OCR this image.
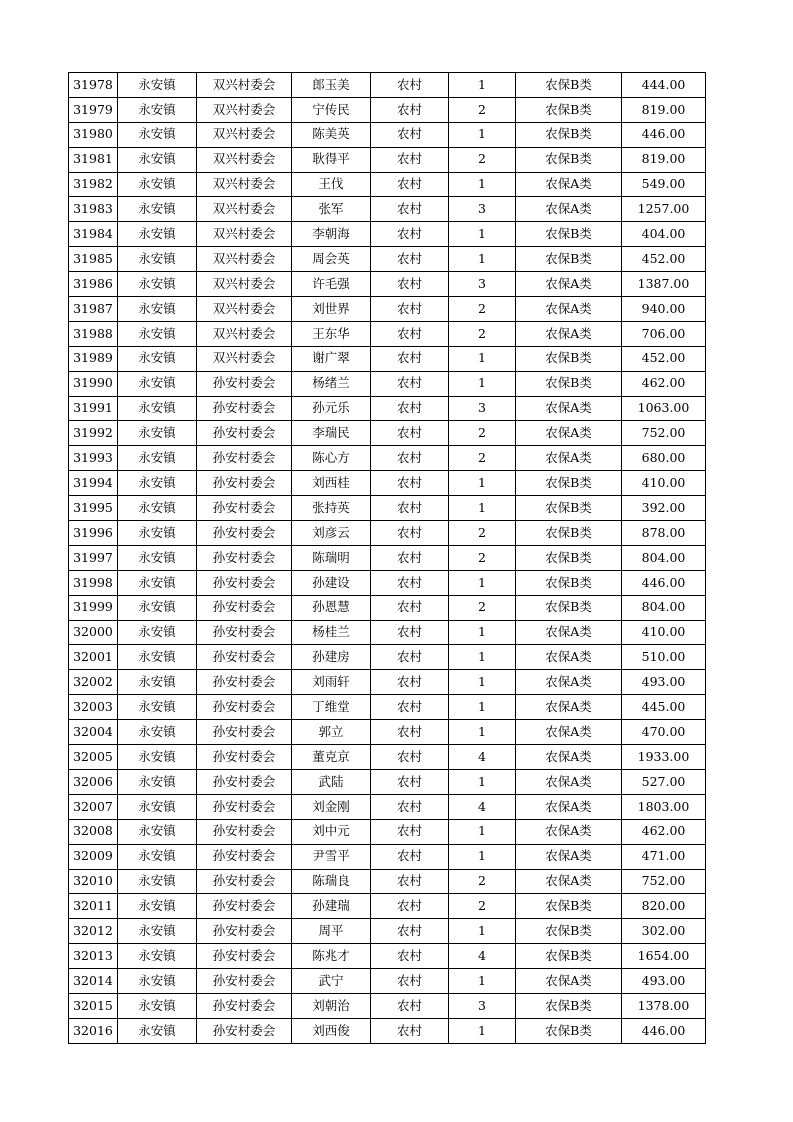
31978	永安镇	双兴村委会	郎玉美	农村	1	农保B类	444.00
31979	永安镇	双兴村委会	宁传民	农村	2	农保B类	819.00
31980	永安镇	双兴村委会	陈美英	农村	1	农保B类	446.00
31981	永安镇	双兴村委会	耿得平	农村	2	农保B类	819.00
31982	永安镇	双兴村委会	王伐	农村	1	农保A类	549.00
31983	永安镇	双兴村委会	张军	农村	3	农保A类	1257.00
31984	永安镇	双兴村委会	李朝海	农村	1	农保B类	404.00
31985	永安镇	双兴村委会	周会英	农村	1	农保B类	452.00
31986	永安镇	双兴村委会	许毛强	农村	3	农保A类	1387.00
31987	永安镇	双兴村委会	刘世界	农村	2	农保A类	940.00
31988	永安镇	双兴村委会	王东华	农村	2	农保A类	706.00
31989	永安镇	双兴村委会	谢广翠	农村	1	农保B类	452.00
31990	永安镇	孙安村委会	杨绪兰	农村	1	农保B类	462.00
31991	永安镇	孙安村委会	孙元乐	农村	3	农保A类	1063.00
31992	永安镇	孙安村委会	李瑞民	农村	2	农保A类	752.00
31993	永安镇	孙安村委会	陈心方	农村	2	农保A类	680.00
31994	永安镇	孙安村委会	刘西桂	农村	1	农保B类	410.00
31995	永安镇	孙安村委会	张持英	农村	1	农保B类	392.00
31996	永安镇	孙安村委会	刘彦云	农村	2	农保B类	878.00
31997	永安镇	孙安村委会	陈瑞明	农村	2	农保B类	804.00
31998	永安镇	孙安村委会	孙建设	农村	1	农保B类	446.00
31999	永安镇	孙安村委会	孙恩慧	农村	2	农保B类	804.00
32000	永安镇	孙安村委会	杨桂兰	农村	1	农保A类	410.00
32001	永安镇	孙安村委会	孙建房	农村	1	农保A类	510.00
32002	永安镇	孙安村委会	刘雨轩	农村	1	农保A类	493.00
32003	永安镇	孙安村委会	丁维堂	农村	1	农保A类	445.00
32004	永安镇	孙安村委会	郭立	农村	1	农保A类	470.00
32005	永安镇	孙安村委会	董克京	农村	4	农保A类	1933.00
32006	永安镇	孙安村委会	武陆	农村	1	农保A类	527.00
32007	永安镇	孙安村委会	刘金刚	农村	4	农保A类	1803.00
32008	永安镇	孙安村委会	刘中元	农村	1	农保A类	462.00
32009	永安镇	孙安村委会	尹雪平	农村	1	农保A类	471.00
32010	永安镇	孙安村委会	陈瑞良	农村	2	农保A类	752.00
32011	永安镇	孙安村委会	孙建瑞	农村	2	农保B类	820.00
32012	永安镇	孙安村委会	周平	农村	1	农保B类	302.00
32013	永安镇	孙安村委会	陈兆才	农村	4	农保B类	1654.00
32014	永安镇	孙安村委会	武宁	农村	1	农保A类	493.00
32015	永安镇	孙安村委会	刘朝治	农村	3	农保B类	1378.00
32016	永安镇	孙安村委会	刘西俊	农村	1	农保B类	446.00
